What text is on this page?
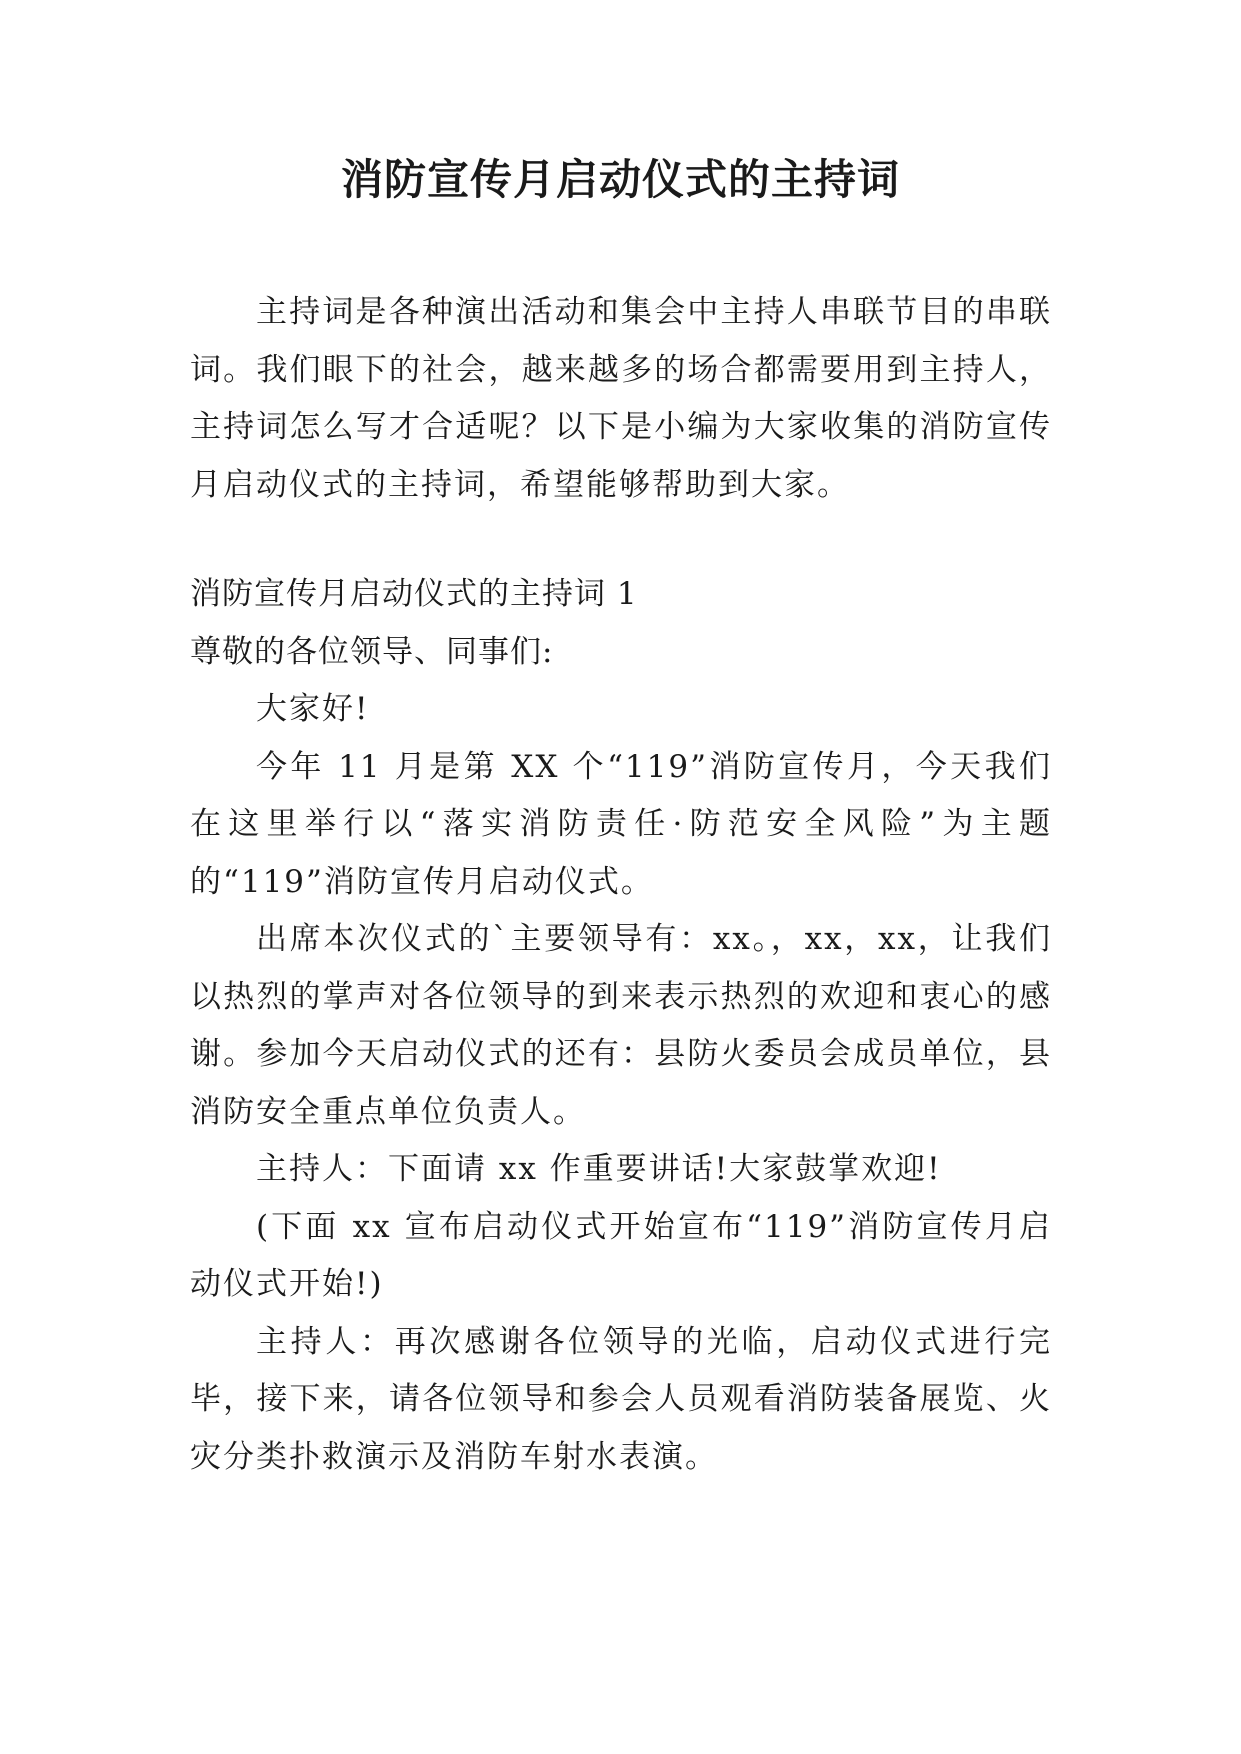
消防宣传月启动仪式的主持词

主持词是各种演出活动和集会中主持人串联节目的串联词。我们眼下的社会，越来越多的场合都需要用到主持人，主持词怎么写才合适呢？以下是小编为大家收集的消防宣传月启动仪式的主持词，希望能够帮助到大家。

消防宣传月启动仪式的主持词 1

尊敬的各位领导、同事们:

大家好!

今年 11 月是第 XX 个“119”消防宣传月，今天我们在这里举行以“落实消防责任·防范安全风险”为主题的“119”消防宣传月启动仪式。

出席本次仪式的`主要领导有：xx。，xx，xx，让我们以热烈的掌声对各位领导的到来表示热烈的欢迎和衷心的感谢。参加今天启动仪式的还有：县防火委员会成员单位，县消防安全重点单位负责人。

主持人：下面请 xx 作重要讲话!大家鼓掌欢迎!

(下面 xx 宣布启动仪式开始宣布“119”消防宣传月启动仪式开始!)

主持人：再次感谢各位领导的光临，启动仪式进行完毕，接下来，请各位领导和参会人员观看消防装备展览、火灾分类扑救演示及消防车射水表演。
